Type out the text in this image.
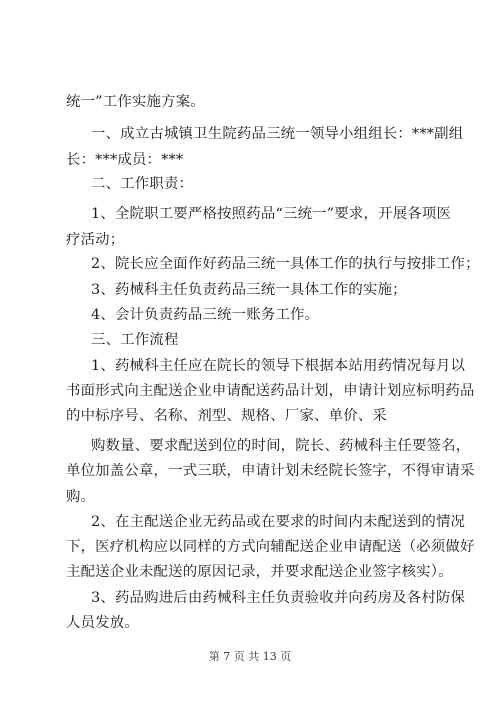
统一”工作实施方案。
一、成立古城镇卫生院药品三统一领导小组组长：***副组
长：***成员：***
二、工作职责：
1、全院职工要严格按照药品“三统一”要求，开展各项医
疗活动；
2、院长应全面作好药品三统一具体工作的执行与按排工作；
3、药械科主任负责药品三统一具体工作的实施；
4、会计负责药品三统一账务工作。
三、工作流程
1、药械科主任应在院长的领导下根据本站用药情况每月以
书面形式向主配送企业申请配送药品计划，申请计划应标明药品
的中标序号、名称、剂型、规格、厂家、单价、采
购数量、要求配送到位的时间，院长、药械科主任要签名，
单位加盖公章，一式三联，申请计划未经院长签字，不得审请采
购。
2、在主配送企业无药品或在要求的时间内未配送到的情况
下，医疗机构应以同样的方式向辅配送企业申请配送（必须做好
主配送企业未配送的原因记录，并要求配送企业签字核实）。
3、药品购进后由药械科主任负责验收并向药房及各村防保
人员发放。
第 7 页 共 13 页
